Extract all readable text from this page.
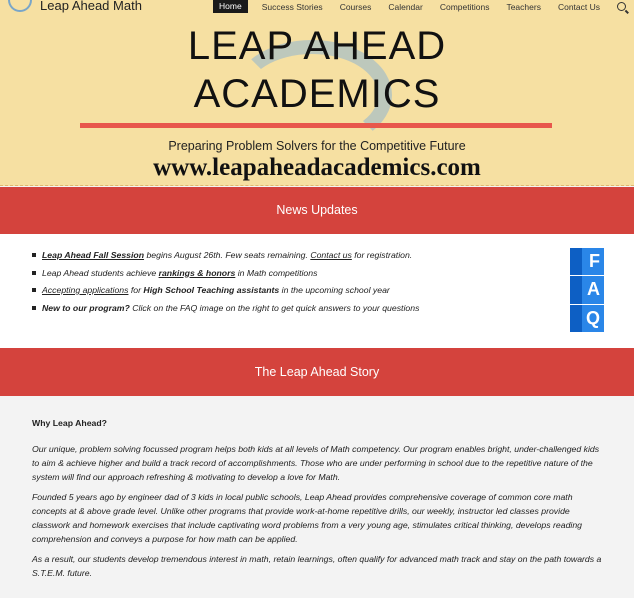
Leap Ahead Math	Home	Success Stories Courses Calendar Competitions Teachers Contact Us
LEAP AHEAD
ACADEMICS
Preparing Problem Solvers for the Competitive Future
www.leapaheadacademics.com
News Updates
Leap Ahead Fall Session begins August 26th. Few seats remaining. Contact us for registration.
Leap Ahead students achieve rankings & honors in Math competitions
Accepting applications for High School Teaching assistants in the upcoming school year
New to our program? Click on the FAQ image on the right to get quick answers to your questions
F
A
Q
The Leap Ahead Story
Why Leap Ahead?

Our unique, problem solving focussed program helps both kids at all levels of Math competency. Our program enables bright, under-challenged kids to aim & achieve higher and build a track record of accomplishments. Those who are under performing in school due to the repetitive nature of the system will find our approach refreshing & motivating to develop a love for Math.

Founded 5 years ago by engineer dad of 3 kids in local public schools, Leap Ahead provides comprehensive coverage of common core math concepts at & above grade level. Unlike other programs that provide work-at-home repetitive drills, our weekly, instructor led classes provide classwork and homework exercises that include captivating word problems from a very young age, stimulates critical thinking, develops reading comprehension and conveys a purpose for how math can be applied.

As a result, our students develop tremendous interest in math, retain learnings, often qualify for advanced math track and stay on the path towards a S.T.E.M. future.
